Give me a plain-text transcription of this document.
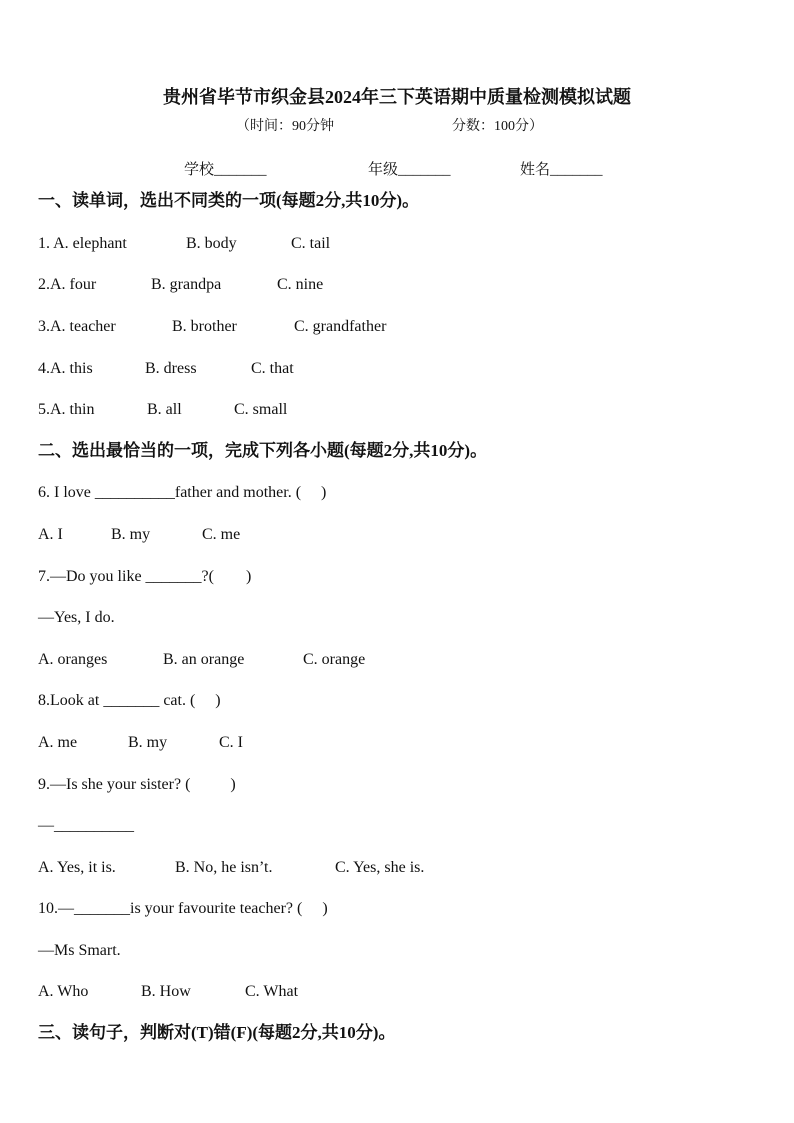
贵州省毕节市织金县2024年三下英语期中质量检测模拟试题
（时间：90分钟	分数：100分）
学校_______	年级_______	姓名_______
一、读单词，选出不同类的一项(每题2分,共10分)。
1. A. elephant	B. body	C. tail
2.A. four	B. grandpa	C. nine
3.A. teacher	B. brother	C. grandfather
4.A. this	B. dress	C. that
5.A. thin	B. all	C. small
二、选出最恰当的一项，完成下列各小题(每题2分,共10分)。
6. I love __________father and mother. (     )
A. I	B. my	C. me
7.—Do you like _______?(        )
—Yes, I do.
A. oranges	B. an orange	C. orange
8.Look at _______ cat. (     )
A. me	B. my	C. I
9.—Is she your sister? (          )
—__________
A. Yes, it is.	B. No, he isn’t.	C. Yes, she is.
10.—_______is your favourite teacher? (     )
—Ms Smart.
A. Who	B. How	C. What
三、读句子，判断对(T)错(F)(每题2分,共10分)。
